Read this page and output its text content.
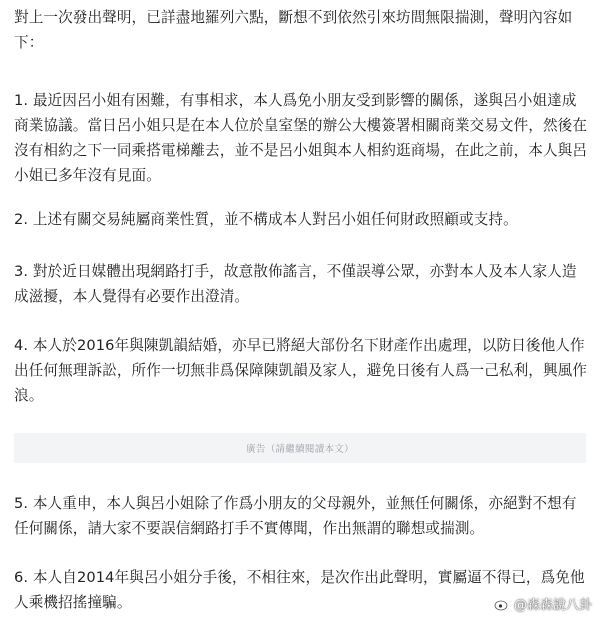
對上一次發出聲明，已詳盡地羅列六點，斷想不到依然引來坊間無限揣測，聲明內容如下：

1. 最近因呂小姐有困難，有事相求，本人爲免小朋友受到影響的關係，遂與呂小姐達成商業協議。當日呂小姐只是在本人位於皇室堡的辦公大樓簽署相關商業交易文件，然後在沒有相約之下一同乘搭電梯離去，並不是呂小姐與本人相約逛商場，在此之前，本人與呂小姐已多年沒有見面。

2. 上述有關交易純屬商業性質，並不構成本人對呂小姐任何財政照顧或支持。

3. 對於近日媒體出現網路打手，故意散佈謠言，不僅誤導公眾，亦對本人及本人家人造成滋擾，本人覺得有必要作出澄清。

4. 本人於2016年與陳凱韻結婚，亦早已將絕大部份名下財產作出處理，以防日後他人作出任何無理訴訟，所作一切無非爲保障陳凱韻及家人，避免日後有人爲一己私利，興風作浪。

5. 本人重申，本人與呂小姐除了作爲小朋友的父母親外，並無任何關係，亦絕對不想有任何關係，請大家不要誤信網路打手不實傳聞，作出無謂的聯想或揣測。

6. 本人自2014年與呂小姐分手後，不相往來，是次作出此聲明，實屬逼不得已，爲免他人乘機招搖撞騙。

廣告（請繼續閱讀本文）
@森森說八卦
